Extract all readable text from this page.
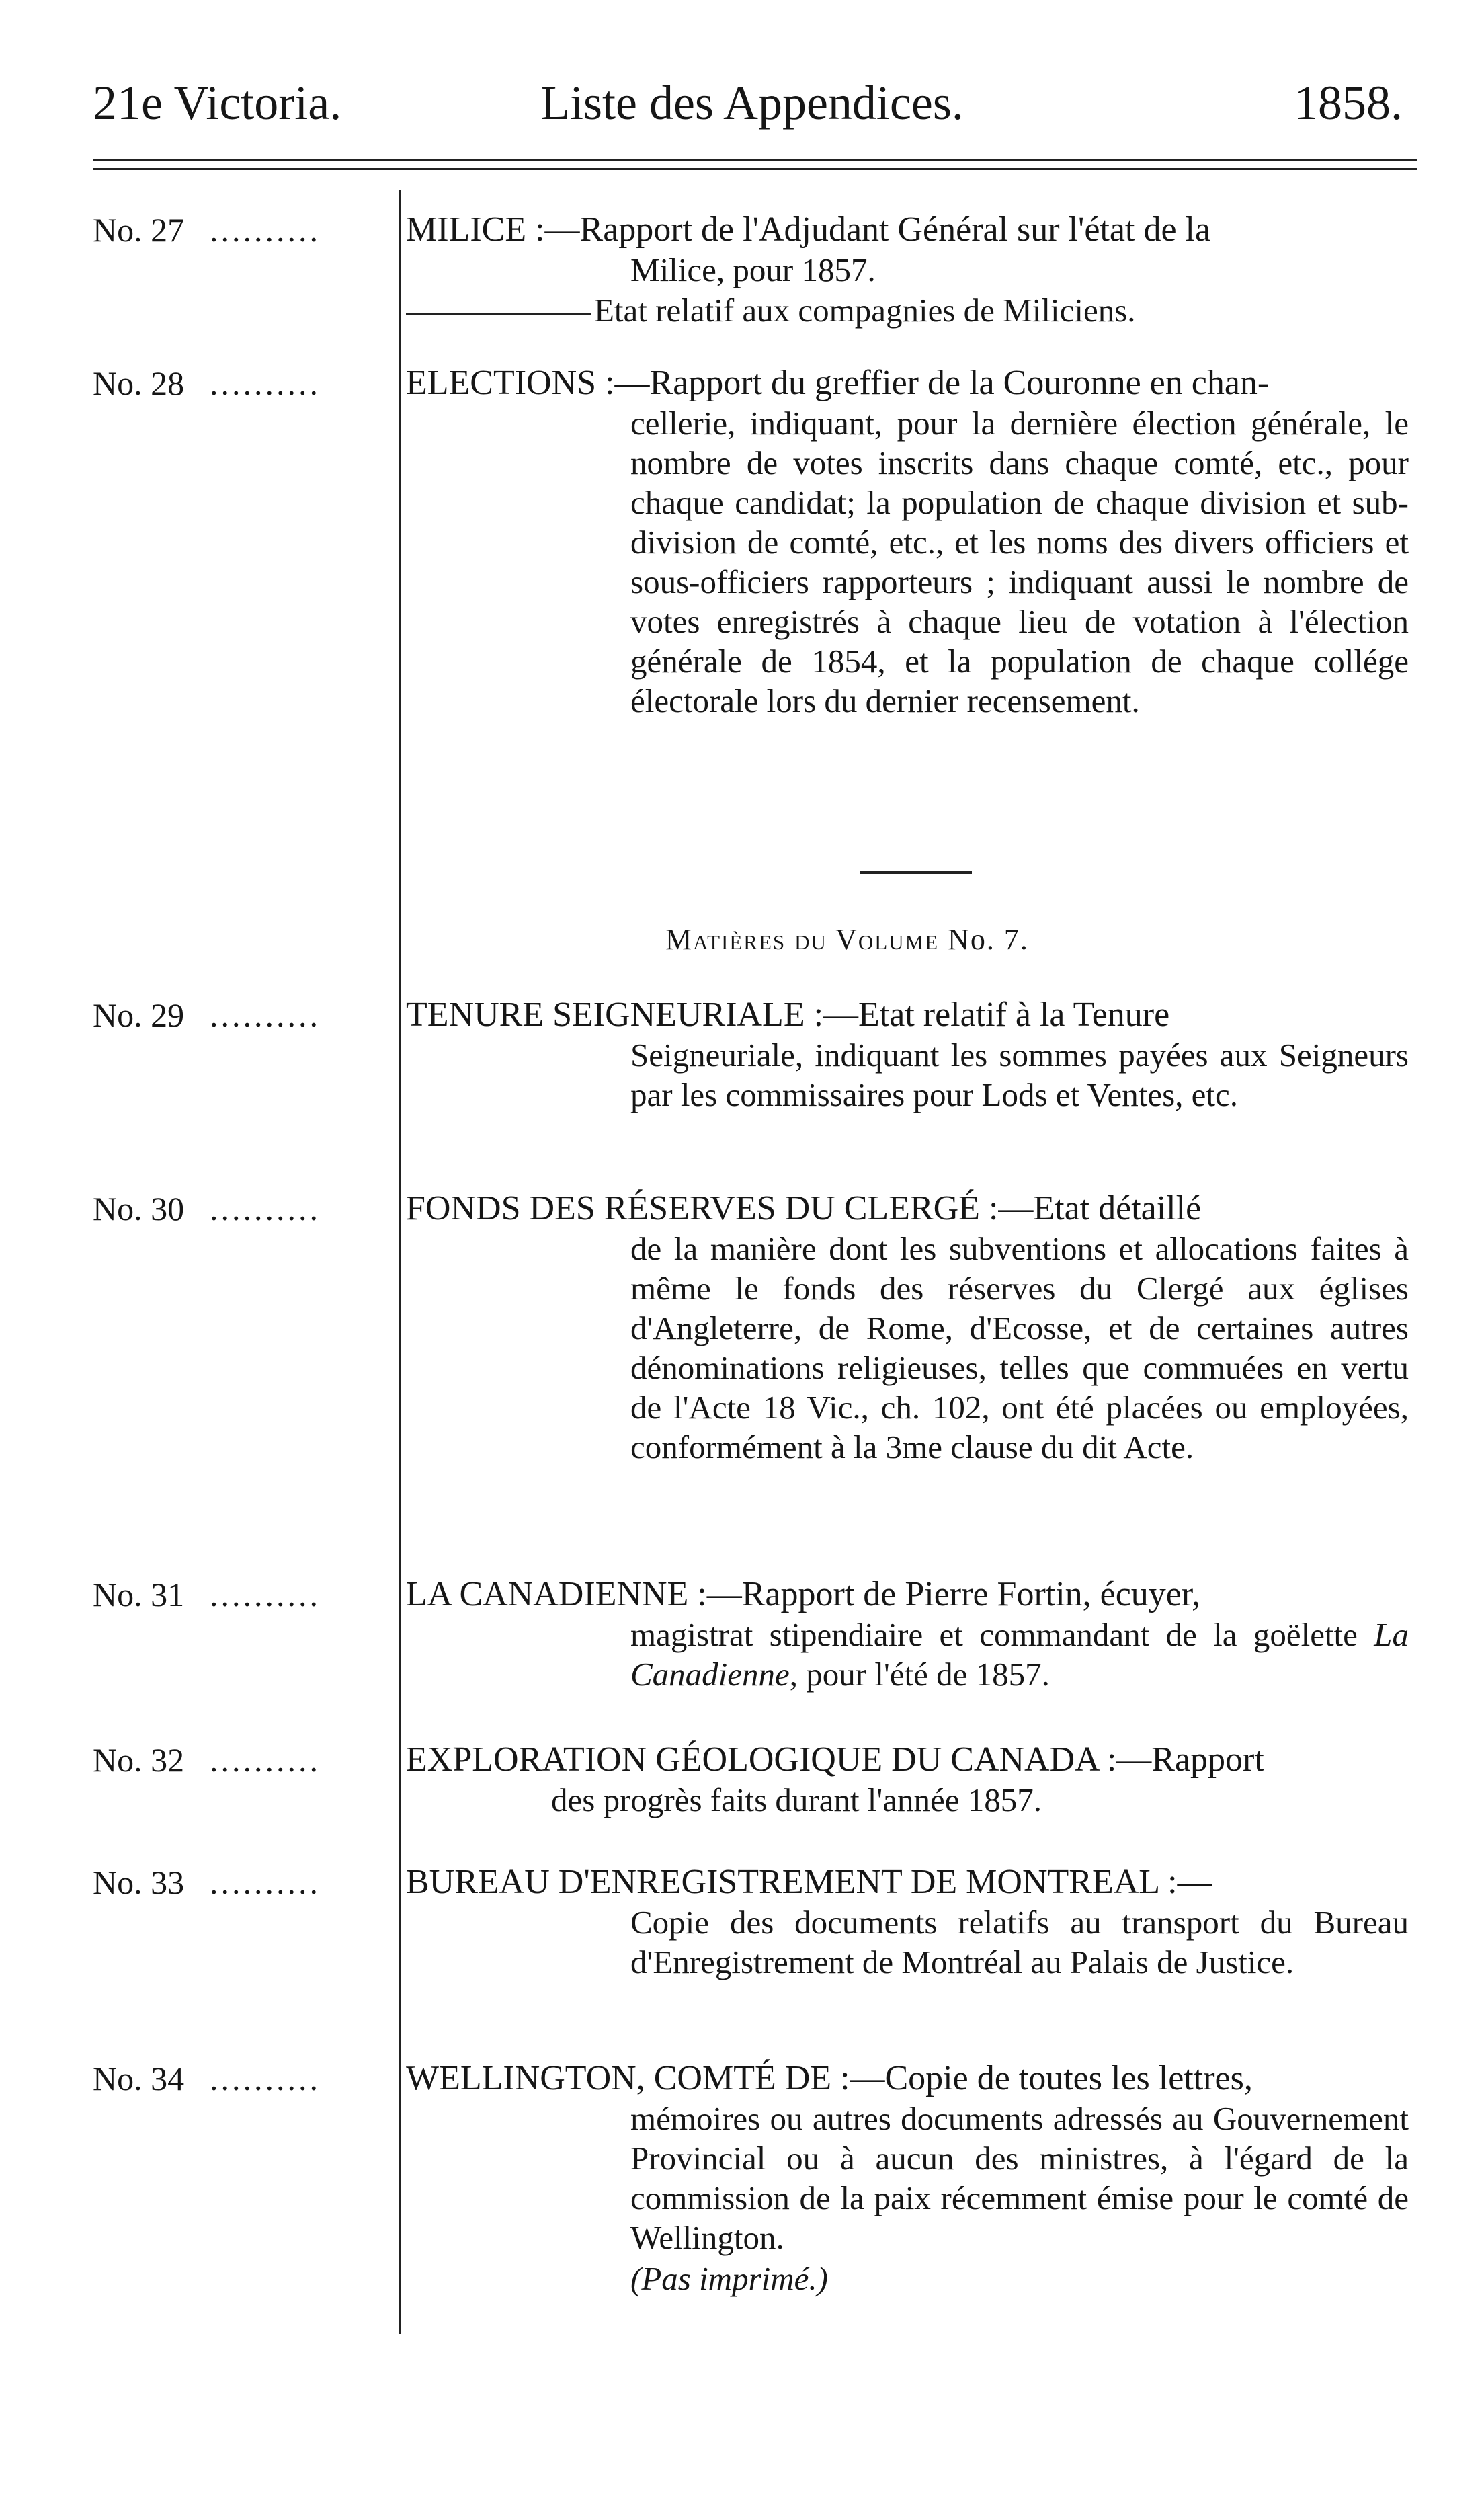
21e Victoria.	Liste des Appendices.	1858.
No. 27 ..........	MILICE :—Rapport de l'Adjudant Général sur l'état de la
Milice, pour 1857.
Etat relatif aux compagnies de Miliciens.
No. 28 ..........	ELECTIONS :—Rapport du greffier de la Couronne en chan-
cellerie, indiquant, pour la dernière élection générale, le nombre de votes inscrits dans chaque comté, etc., pour chaque candidat; la population de chaque division et sub-division de comté, etc., et les noms des divers officiers et sous-officiers rapporteurs ; indiquant aussi le nombre de votes enregistrés à chaque lieu de votation à l'élection générale de 1854, et la population de chaque collége électorale lors du dernier recensement.
Matières du Volume No. 7.
No. 29 ..........	TENURE SEIGNEURIALE :—Etat relatif à la Tenure
Seigneuriale, indiquant les sommes payées aux Seigneurs par les commissaires pour Lods et Ventes, etc.
No. 30 ..........	FONDS DES RÉSERVES DU CLERGÉ :—Etat détaillé
de la manière dont les subventions et allocations faites à même le fonds des réserves du Clergé aux églises d'Angleterre, de Rome, d'Ecosse, et de certaines autres dénominations religieuses, telles que commuées en vertu de l'Acte 18 Vic., ch. 102, ont été placées ou employées, conformément à la 3me clause du dit Acte.
No. 31 ..........	LA CANADIENNE :—Rapport de Pierre Fortin, écuyer,
magistrat stipendiaire et commandant de la goëlette La Canadienne, pour l'été de 1857.
No. 32 ..........	EXPLORATION GÉOLOGIQUE DU CANADA :—Rapport
des progrès faits durant l'année 1857.
No. 33 ..........	BUREAU D'ENREGISTREMENT DE MONTREAL :—
Copie des documents relatifs au transport du Bureau d'Enregistrement de Montréal au Palais de Justice.
No. 34 ..........	WELLINGTON, COMTÉ DE :—Copie de toutes les lettres,
mémoires ou autres documents adressés au Gouvernement Provincial ou à aucun des ministres, à l'égard de la commission de la paix récemment émise pour le comté de Wellington.
(Pas imprimé.)
